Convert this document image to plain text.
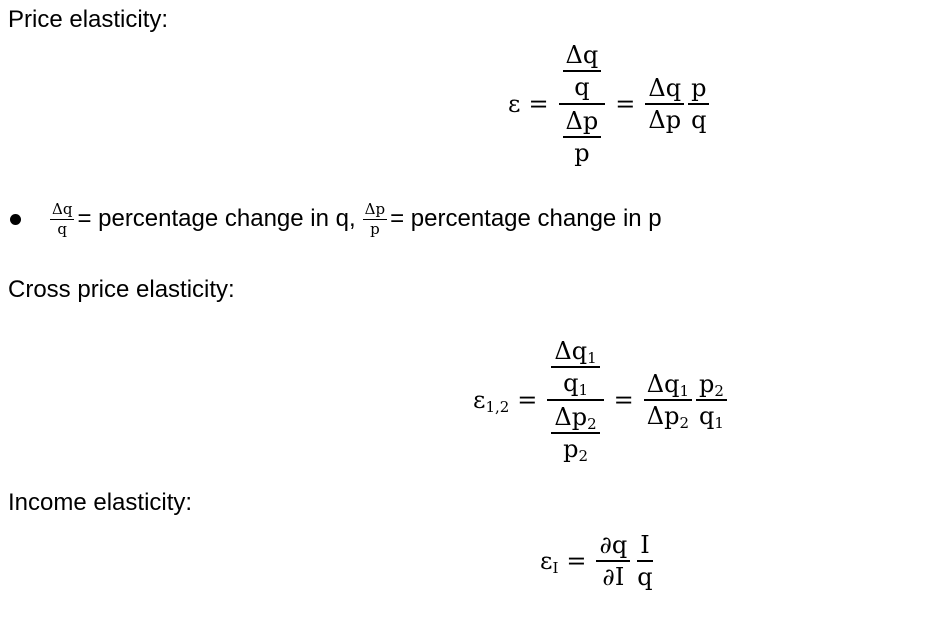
Price elasticity:
$\varepsilon = \frac{\frac{\Delta q}{q}}{\frac{\Delta p}{p}} = \frac{\Delta q}{\Delta p} \frac{p}{q}$
$\frac{\Delta q}{q}$ = percentage change in q, $\frac{\Delta p}{p}$ = percentage change in p
Cross price elasticity:
$\varepsilon_{1,2} = \frac{\frac{\Delta q_1}{q_1}}{\frac{\Delta p_2}{p_2}} = \frac{\Delta q_1}{\Delta p_2} \frac{p_2}{q_1}$
Income elasticity:
$\varepsilon_I = \frac{\partial q}{\partial I} \frac{I}{q}$
